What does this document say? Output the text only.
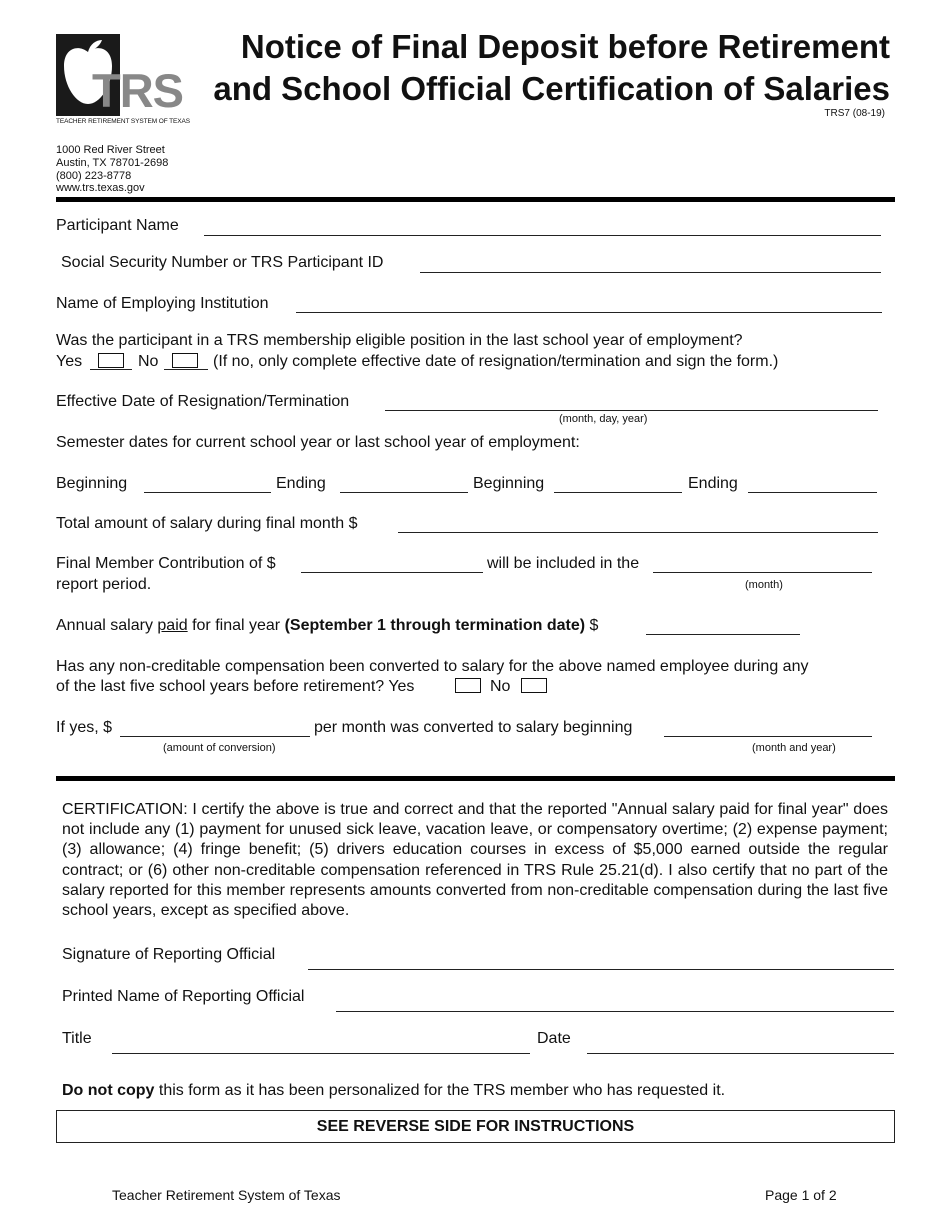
TRS
TEACHER RETIREMENT SYSTEM OF TEXAS
Notice of Final Deposit before Retirement
and School Official Certification of Salaries
TRS7 (08-19)
1000 Red River Street
Austin, TX 78701-2698
(800) 223-8778
www.trs.texas.gov
Participant Name
Social Security Number or TRS Participant ID
Name of Employing Institution
Was the participant in a TRS membership eligible position in the last school year of employment?
Yes	No	(If no, only complete effective date of resignation/termination and sign the form.)
Effective Date of Resignation/Termination
(month, day, year)
Semester dates for current school year or last school year of employment:
Beginning	Ending	Beginning	Ending
Total amount of salary during final month $
Final Member Contribution of $	will be included in the
report period.	(month)
Annual salary paid for final year (September 1 through termination date) $
Has any non-creditable compensation been converted to salary for the above named employee during any
of the last five school years before retirement? Yes	No
If yes, $	per month was converted to salary beginning
(amount of conversion)	(month and year)
CERTIFICATION: I certify the above is true and correct and that the reported "Annual salary paid for final year" does not include any (1) payment for unused sick leave, vacation leave, or compensatory overtime; (2) expense payment; (3) allowance; (4) fringe benefit; (5) drivers education courses in excess of $5,000 earned outside the regular contract; or (6) other non-creditable compensation referenced in TRS Rule 25.21(d). I also certify that no part of the salary reported for this member represents amounts converted from non-creditable compensation during the last five school years, except as specified above.
Signature of Reporting Official
Printed Name of Reporting Official
Title	Date
Do not copy this form as it has been personalized for the TRS member who has requested it.
SEE REVERSE SIDE FOR INSTRUCTIONS
Teacher Retirement System of Texas	Page 1 of 2
